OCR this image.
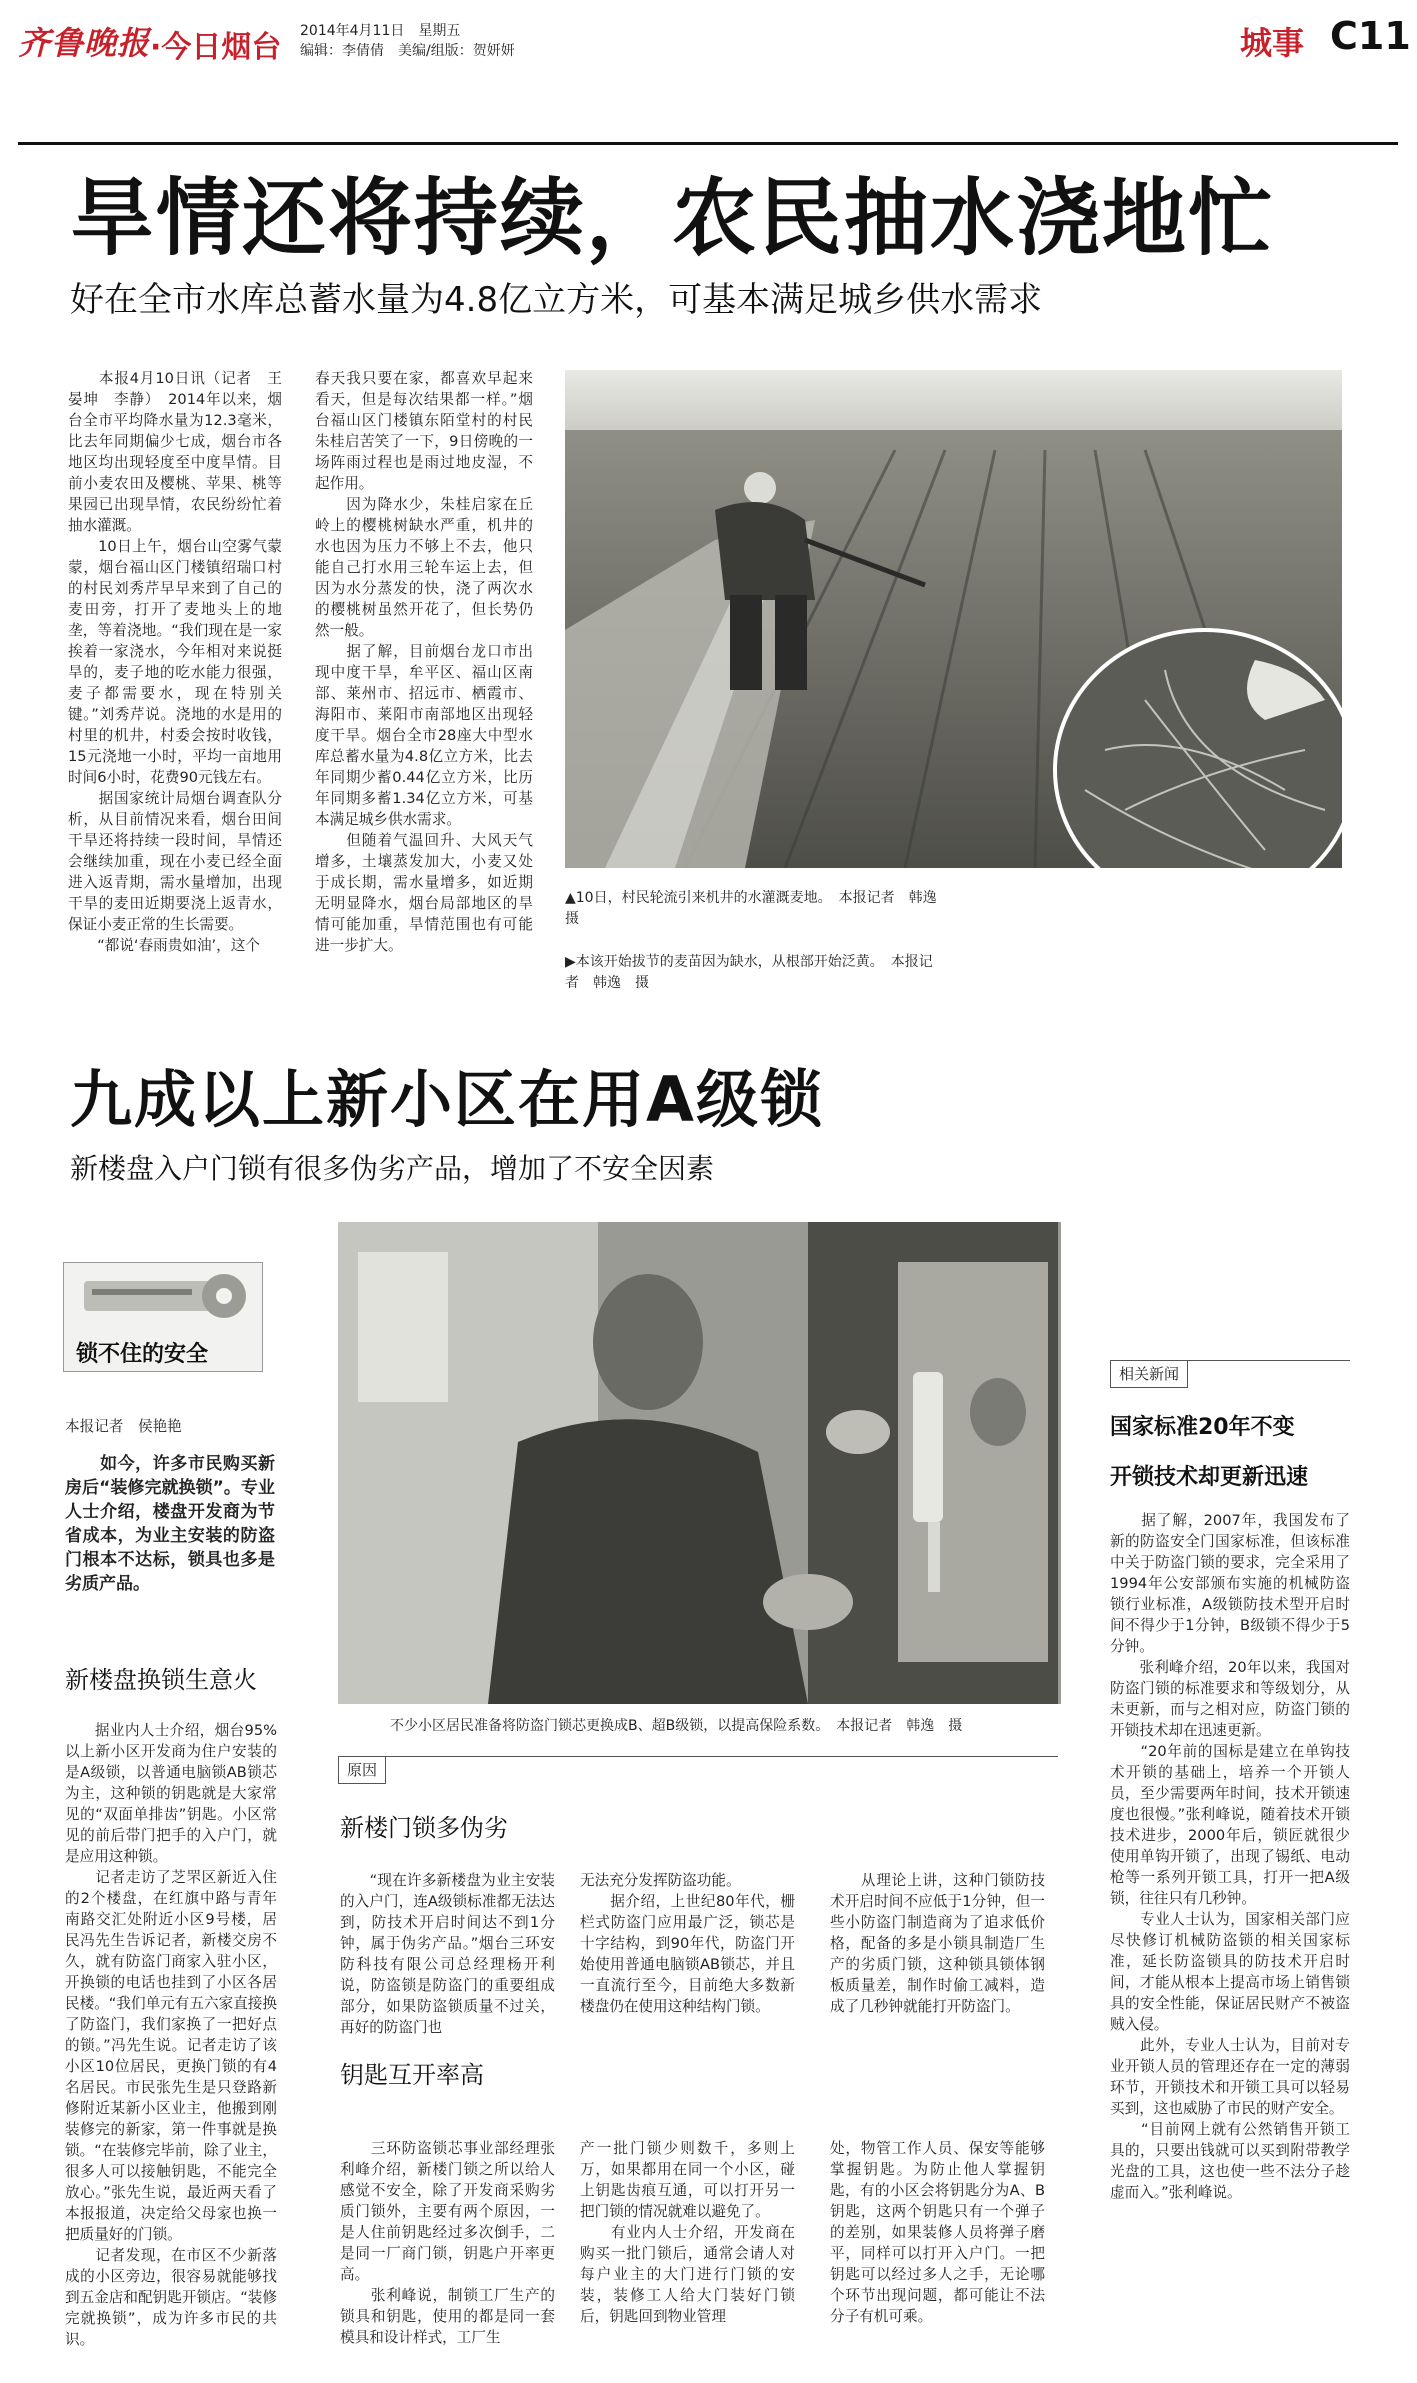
齐鲁晚报 ·今日烟台 2014年4月11日　星期五
编辑：李倩倩　美编/组版：贺妍妍	城事 C11
旱情还将持续，农民抽水浇地忙
好在全市水库总蓄水量为4.8亿立方米，可基本满足城乡供水需求
　　本报4月10日讯（记者　王晏坤　李静）　2014年以来，烟台全市平均降水量为12.3毫米，比去年同期偏少七成，烟台市各地区均出现轻度至中度旱情。目前小麦农田及樱桃、苹果、桃等果园已出现旱情，农民纷纷忙着抽水灌溉。
　　10日上午，烟台山空雾气蒙蒙，烟台福山区门楼镇绍瑞口村的村民刘秀芹早早来到了自己的麦田旁，打开了麦地头上的地垄，等着浇地。“我们现在是一家挨着一家浇水，今年相对来说挺旱的，麦子地的吃水能力很强，麦子都需要水，现在特别关键。”刘秀芹说。浇地的水是用的村里的机井，村委会按时收钱，15元浇地一小时，平均一亩地用时间6小时，花费90元钱左右。
　　据国家统计局烟台调查队分析，从目前情况来看，烟台田间干旱还将持续一段时间，旱情还会继续加重，现在小麦已经全面进入返青期，需水量增加，出现干旱的麦田近期要浇上返青水，保证小麦正常的生长需要。
　　“都说‘春雨贵如油’，这个
春天我只要在家，都喜欢早起来看天，但是每次结果都一样。”烟台福山区门楼镇东陌堂村的村民朱桂启苦笑了一下，9日傍晚的一场阵雨过程也是雨过地皮湿，不起作用。
　　因为降水少，朱桂启家在丘岭上的樱桃树缺水严重，机井的水也因为压力不够上不去，他只能自己打水用三轮车运上去，但因为水分蒸发的快，浇了两次水的樱桃树虽然开花了，但长势仍然一般。
　　据了解，目前烟台龙口市出现中度干旱，牟平区、福山区南部、莱州市、招远市、栖霞市、海阳市、莱阳市南部地区出现轻度干旱。烟台全市28座大中型水库总蓄水量为4.8亿立方米，比去年同期少蓄0.44亿立方米，比历年同期多蓄1.34亿立方米，可基本满足城乡供水需求。
　　但随着气温回升、大风天气增多，土壤蒸发加大，小麦又处于成长期，需水量增多，如近期无明显降水，烟台局部地区的旱情可能加重，旱情范围也有可能进一步扩大。
▲10日，村民轮流引来机井的水灌溉麦地。　本报记者　韩逸　摄
▶本该开始拔节的麦苗因为缺水，从根部开始泛黄。　本报记者　韩逸　摄
九成以上新小区在用A级锁
新楼盘入户门锁有很多伪劣产品，增加了不安全因素
锁不住的安全
本报记者　侯艳艳
　　如今，许多市民购买新房后“装修完就换锁”。专业人士介绍，楼盘开发商为节省成本，为业主安装的防盗门根本不达标，锁具也多是劣质产品。
新楼盘换锁生意火
　　据业内人士介绍，烟台95%以上新小区开发商为住户安装的是A级锁，以普通电脑锁AB锁芯为主，这种锁的钥匙就是大家常见的“双面单排齿”钥匙。小区常见的前后带门把手的入户门，就是应用这种锁。
　　记者走访了芝罘区新近入住的2个楼盘，在红旗中路与青年南路交汇处附近小区9号楼，居民冯先生告诉记者，新楼交房不久，就有防盗门商家入驻小区，开换锁的电话也挂到了小区各居民楼。“我们单元有五六家直接换了防盗门，我们家换了一把好点的锁。”冯先生说。记者走访了该小区10位居民，更换门锁的有4名居民。市民张先生是只登路新修附近某新小区业主，他搬到刚装修完的新家，第一件事就是换锁。“在装修完毕前，除了业主，很多人可以接触钥匙，不能完全放心。”张先生说，最近两天看了本报报道，决定给父母家也换一把质量好的门锁。
　　记者发现，在市区不少新落成的小区旁边，很容易就能够找到五金店和配钥匙开锁店。“装修完就换锁”，成为许多市民的共识。
不少小区居民准备将防盗门锁芯更换成B、超B级锁，以提高保险系数。　本报记者　韩逸　摄
原因
新楼门锁多伪劣
　　“现在许多新楼盘为业主安装的入户门，连A级锁标准都无法达到，防技术开启时间达不到1分钟，属于伪劣产品。”烟台三环安防科技有限公司总经理杨开利说，防盗锁是防盗门的重要组成部分，如果防盗锁质量不过关，再好的防盗门也
无法充分发挥防盗功能。
　　据介绍，上世纪80年代，栅栏式防盗门应用最广泛，锁芯是十字结构，到90年代，防盗门开始使用普通电脑锁AB锁芯，并且一直流行至今，目前绝大多数新楼盘仍在使用这种结构门锁。
　　从理论上讲，这种门锁防技术开启时间不应低于1分钟，但一些小防盗门制造商为了追求低价格，配备的多是小锁具制造厂生产的劣质门锁，这种锁具锁体钢板质量差，制作时偷工减料，造成了几秒钟就能打开防盗门。
钥匙互开率高
　　三环防盗锁芯事业部经理张利峰介绍，新楼门锁之所以给人感觉不安全，除了开发商采购劣质门锁外，主要有两个原因，一是人住前钥匙经过多次倒手，二是同一厂商门锁，钥匙户开率更高。
　　张利峰说，制锁工厂生产的锁具和钥匙，使用的都是同一套模具和设计样式，工厂生
产一批门锁少则数千，多则上万，如果都用在同一个小区，碰上钥匙齿痕互通，可以打开另一把门锁的情况就难以避免了。
　　有业内人士介绍，开发商在购买一批门锁后，通常会请人对每户业主的大门进行门锁的安装，装修工人给大门装好门锁后，钥匙回到物业管理
处，物管工作人员、保安等能够掌握钥匙。为防止他人掌握钥匙，有的小区会将钥匙分为A、B钥匙，这两个钥匙只有一个弹子的差别，如果装修人员将弹子磨平，同样可以打开入户门。一把钥匙可以经过多人之手，无论哪个环节出现问题，都可能让不法分子有机可乘。
相关新闻
国家标准20年不变
开锁技术却更新迅速
　　据了解，2007年，我国发布了新的防盗安全门国家标准，但该标准中关于防盗门锁的要求，完全采用了1994年公安部颁布实施的机械防盗锁行业标准，A级锁防技术型开启时间不得少于1分钟，B级锁不得少于5分钟。
　　张利峰介绍，20年以来，我国对防盗门锁的标准要求和等级划分，从未更新，而与之相对应，防盗门锁的开锁技术却在迅速更新。
　　“20年前的国标是建立在单钩技术开锁的基础上，培养一个开锁人员，至少需要两年时间，技术开锁速度也很慢。”张利峰说，随着技术开锁技术进步，2000年后，锁匠就很少使用单钩开锁了，出现了锡纸、电动枪等一系列开锁工具，打开一把A级锁，往往只有几秒钟。
　　专业人士认为，国家相关部门应尽快修订机械防盗锁的相关国家标准，延长防盗锁具的防技术开启时间，才能从根本上提高市场上销售锁具的安全性能，保证居民财产不被盗贼入侵。
　　此外，专业人士认为，目前对专业开锁人员的管理还存在一定的薄弱环节，开锁技术和开锁工具可以轻易买到，这也威胁了市民的财产安全。
　　“目前网上就有公然销售开锁工具的，只要出钱就可以买到附带教学光盘的工具，这也使一些不法分子趁虚而入。”张利峰说。
